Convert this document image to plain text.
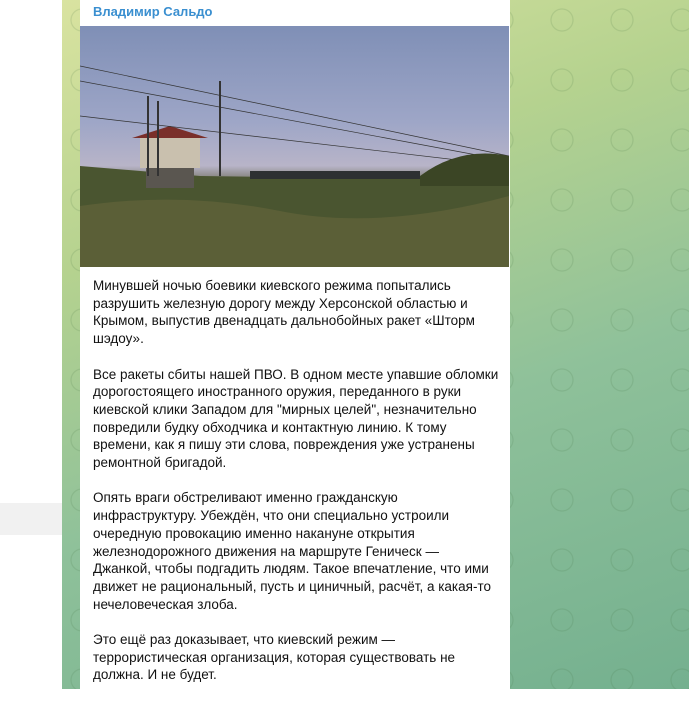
Владимир Сальдо

Минувшей ночью боевики киевского режима попытались
разрушить железную дорогу между Херсонской областью и
Крымом, выпустив двенадцать дальнобойных ракет «Шторм
шэдоу».

Все ракеты сбиты нашей ПВО. В одном месте упавшие обломки
дорогостоящего иностранного оружия, переданного в руки
киевской клики Западом для "мирных целей", незначительно
повредили будку обходчика и контактную линию. К тому
времени, как я пишу эти слова, повреждения уже устранены
ремонтной бригадой.

Опять враги обстреливают именно гражданскую
инфраструктуру. Убеждён, что они специально устроили
очередную провокацию именно накануне открытия
железнодорожного движения на маршруте Геническ —
Джанкой, чтобы подгадить людям. Такое впечатление, что ими
движет не рациональный, пусть и циничный, расчёт, а какая-то
нечеловеческая злоба.

Это ещё раз доказывает, что киевский режим —
террористическая организация, которая существовать не
должна. И не будет.
